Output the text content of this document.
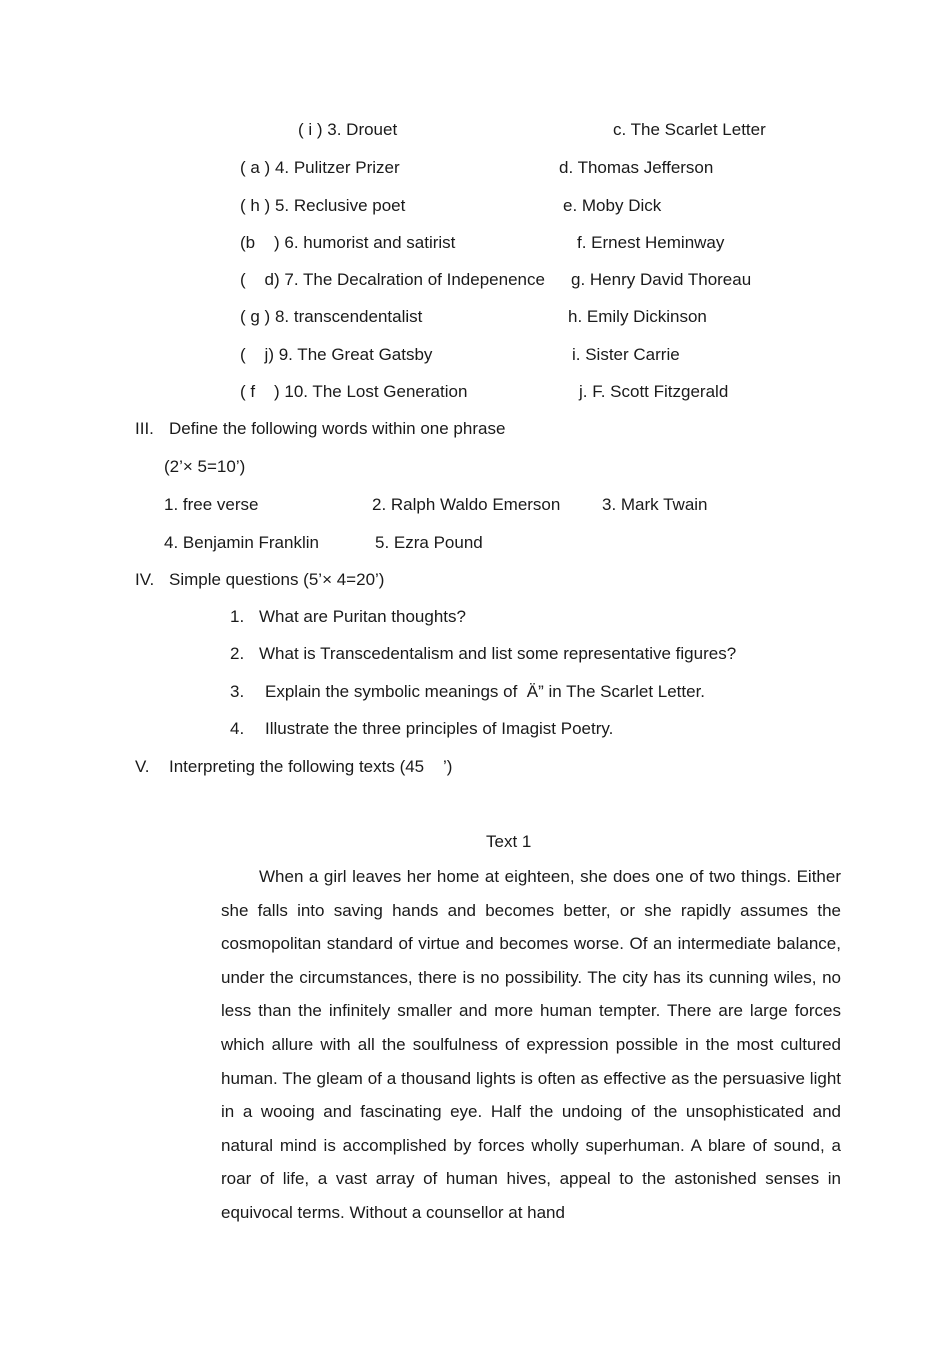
( i ) 3. Drouet	c. The Scarlet Letter
( a ) 4. Pulitzer Prizer	d. Thomas Jefferson
( h ) 5. Reclusive poet	e. Moby Dick
(b    ) 6. humorist and satirist	f. Ernest Heminway
(    d) 7. The Decalration of Indepenence g. Henry David Thoreau
( g ) 8. transcendentalist	h. Emily Dickinson
(    j) 9. The Great Gatsby	i. Sister Carrie
( f    ) 10. The Lost Generation	j. F. Scott Fitzgerald
III. Define the following words within one phrase
(2’× 5=10’)
1. free verse	2. Ralph Waldo Emerson 3. Mark Twain
4. Benjamin Franklin	5. Ezra Pound
IV. Simple questions (5’× 4=20’)
1. What are Puritan thoughts?
2. What is Transcedentalism and list some representative figures?
3. Explain the symbolic meanings of  Ä” in The Scarlet Letter.
4. Illustrate the three principles of Imagist Poetry.
V. Interpreting the following texts (45    ’)
Text 1
When a girl leaves her home at eighteen, she does one of two things. Either she falls into saving hands and becomes better, or she rapidly assumes the cosmopolitan standard of virtue and becomes worse. Of an intermediate balance, under the circumstances, there is no possibility. The city has its cunning wiles, no less than the infinitely smaller and more human tempter. There are large forces which allure with all the soulfulness of expression possible in the most cultured human. The gleam of a thousand lights is often as effective as the persuasive light in a wooing and fascinating eye. Half the undoing of the unsophisticated and natural mind is accomplished by forces wholly superhuman. A blare of sound, a roar of life, a vast array of human hives, appeal to the astonished senses in equivocal terms. Without a counsellor at hand
